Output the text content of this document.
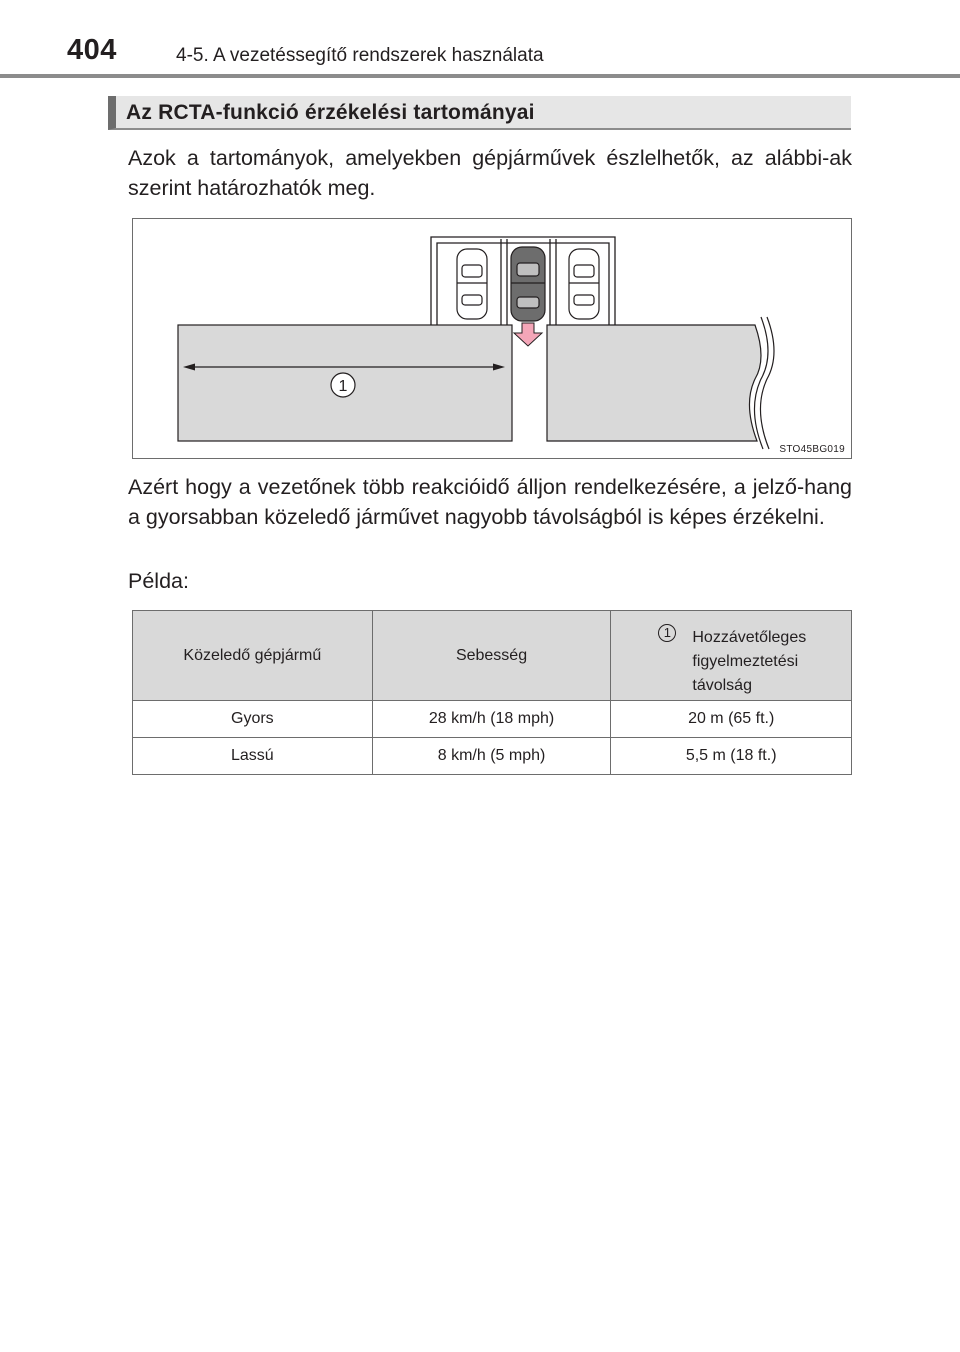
404	4-5. A vezetéssegítő rendszerek használata
Az RCTA-funkció érzékelési tartományai

Azok a tartományok, amelyekben gépjárművek észlelhetők, az alábbi-ak szerint határozhatók meg.

1
STO45BG019

Azért hogy a vezetőnek több reakcióidő álljon rendelkezésére, a jelző-hang a gyorsabban közeledő járművet nagyobb távolságból is képes érzékelni.

Példa:

Közeledő gépjármű	Sebesség	1 Hozzávetőleges figyelmeztetési távolság

Gyors	28 km/h (18 mph)	20 m (65 ft.)
Lassú	8 km/h (5 mph)	5,5 m (18 ft.)
